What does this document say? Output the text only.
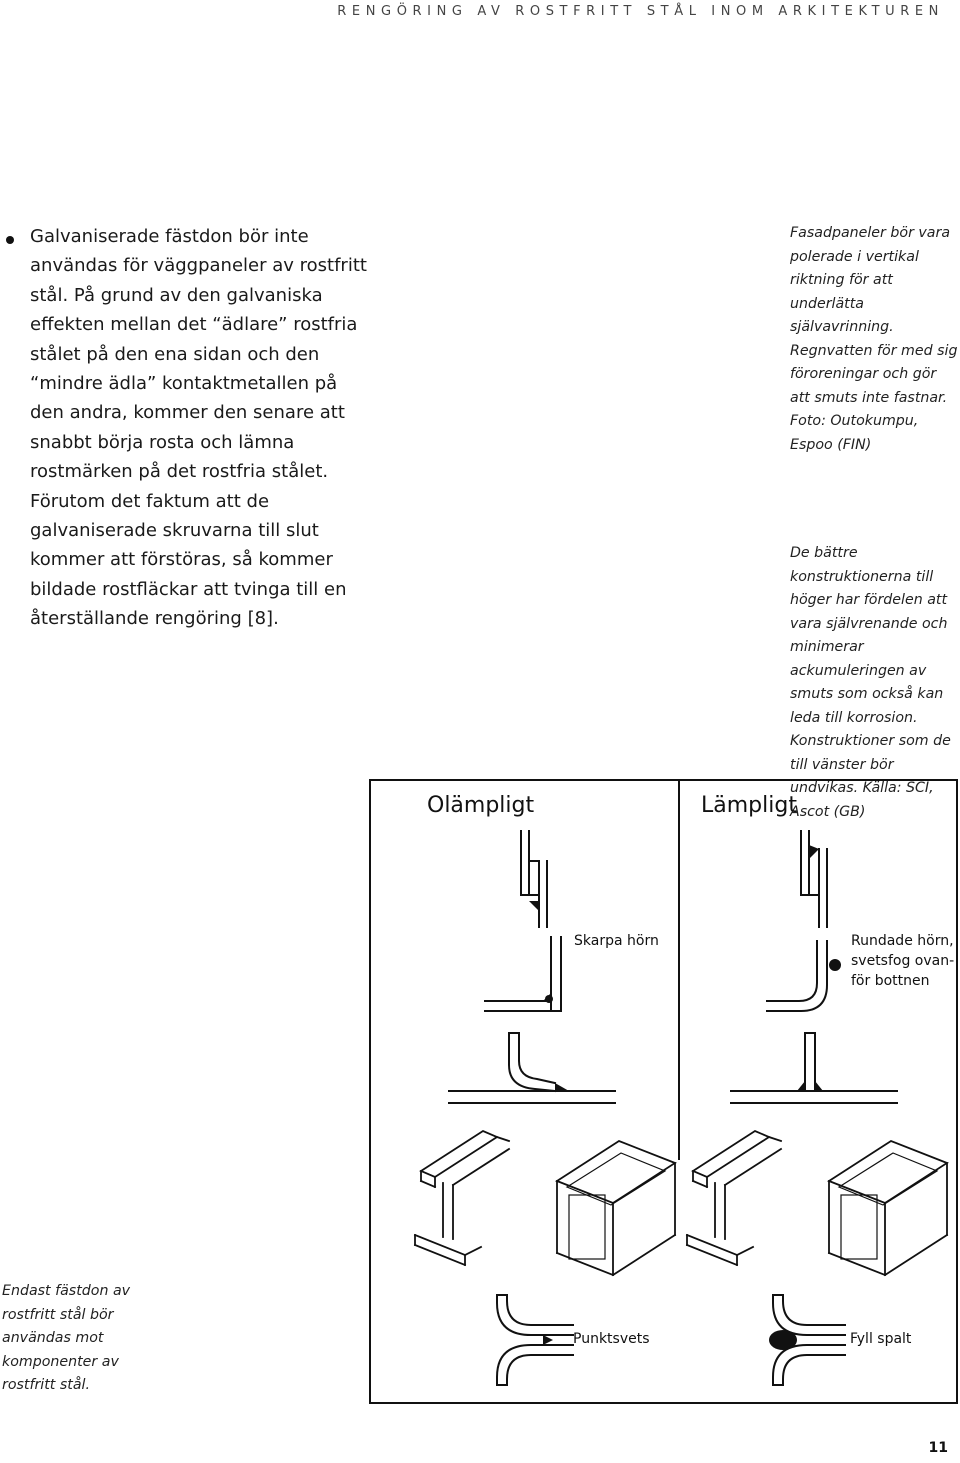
RENGÖRING AV ROSTFRITT STÅL INOM ARKITEKTUREN
Galvaniserade fästdon bör inte användas för väggpaneler av rostfritt stål. På grund av den galvaniska effekten mellan det “ädlare” rostfria stålet på den ena sidan och den “mindre ädla” kontaktmetallen på den andra, kommer den senare att snabbt börja rosta och lämna rostmärken på det rostfria stålet. Förutom det faktum att de galvaniserade skruvarna till slut kommer att förstöras, så kommer bildade rostfläckar att tvinga till en återställande rengöring [8].
Fasadpaneler bör vara polerade i vertikal riktning för att underlätta självavrinning. Regnvatten för med sig föroreningar och gör att smuts inte fastnar. Foto: Outokumpu, Espoo (FIN)
De bättre konstruktionerna till höger har fördelen att vara självrenande och minimerar ackumuleringen av smuts som också kan leda till korrosion. Konstruktioner som de till vänster bör undvikas. Källa: SCI, Ascot (GB)
Endast fästdon av rostfritt stål bör användas mot komponenter av rostfritt stål.
Olämpligt	Lämpligt
Skarpa hörn	Rundade hörn,
svetsfog ovan-
för bottnen
Punktsvets	Fyll spalt
11
